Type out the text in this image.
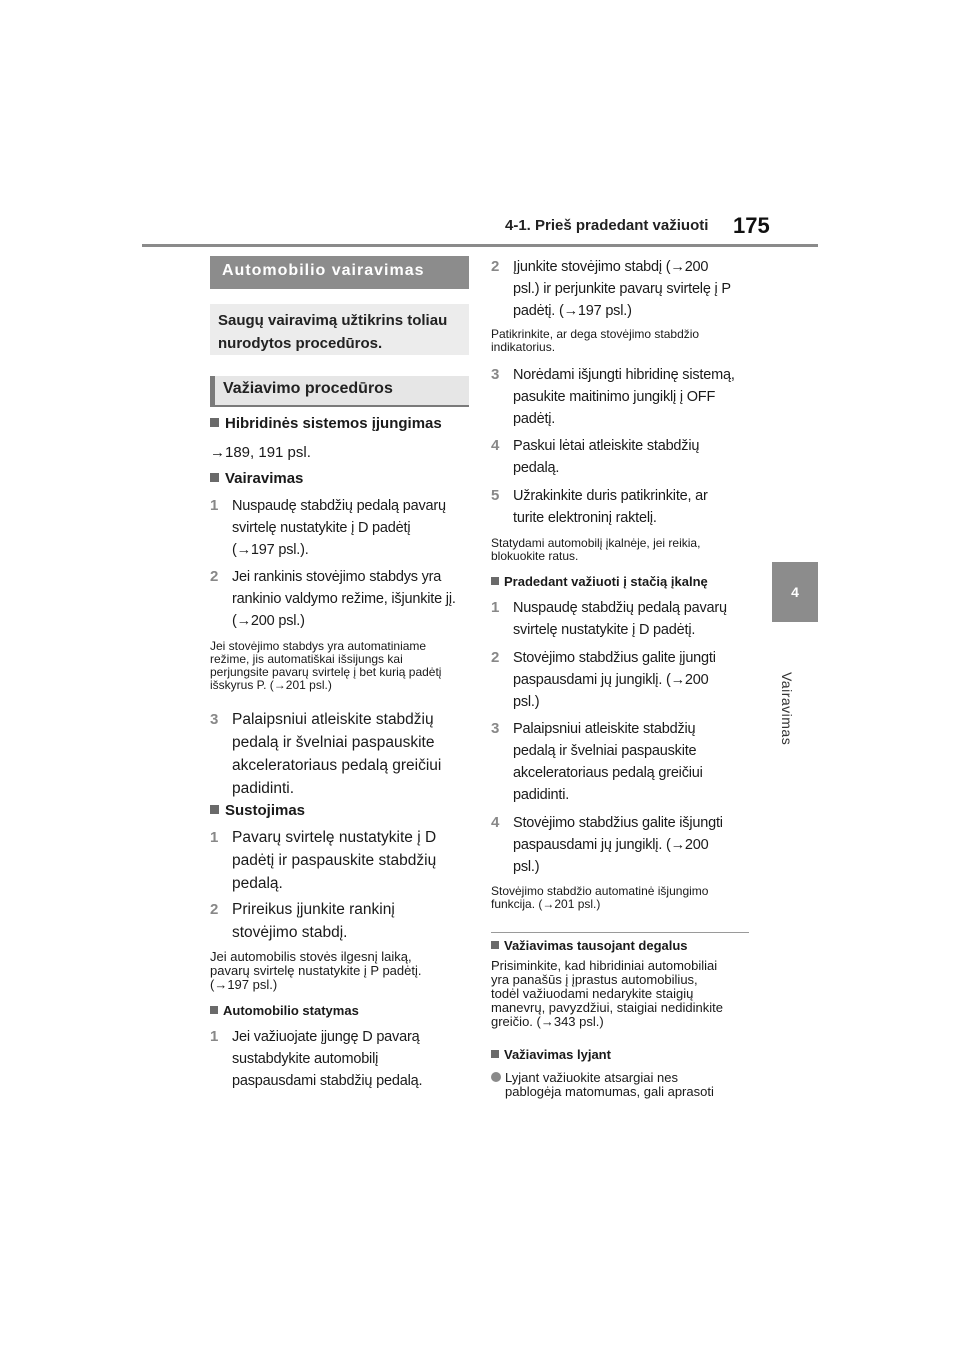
4-1. Prieš pradedant važiuoti 175
4
Vairavimas
Automobilio vairavimas
Saugų vairavimą užtikrins toliau nurodytos procedūros.
Važiavimo procedūros
Hibridinės sistemos įjungimas
→189, 191 psl.
Vairavimas
1 Nuspaudę stabdžių pedalą pavarų
svirtelę nustatykite į D padėtį
(→197 psl.).
2 Jei rankinis stovėjimo stabdys yra
rankinio valdymo režime, išjunkite jį.
(→200 psl.)
Jei stovėjimo stabdys yra automatiniame
režime, jis automatiškai išsijungs kai
perjungsite pavarų svirtelę į bet kurią padėtį
išskyrus P. (→201 psl.)
3 Palaipsniui atleiskite stabdžių
pedalą ir švelniai paspauskite
akceleratoriaus pedalą greičiui
padidinti.
Sustojimas
1 Pavarų svirtelę nustatykite į D
padėtį ir paspauskite stabdžių
pedalą.
2 Prireikus įjunkite rankinį
stovėjimo stabdį.
Jei automobilis stovės ilgesnį laiką,
pavarų svirtelę nustatykite į P padėtį.
(→197 psl.)
Automobilio statymas
1 Jei važiuojate įjungę D pavarą
sustabdykite automobilį
paspausdami stabdžių pedalą.
2 Įjunkite stovėjimo stabdį (→200
psl.) ir perjunkite pavarų svirtelę į P
padėtį. (→197 psl.)
Patikrinkite, ar dega stovėjimo stabdžio
indikatorius.
3 Norėdami išjungti hibridinę sistemą,
pasukite maitinimo jungiklį į OFF
padėtį.
4 Paskui lėtai atleiskite stabdžių
pedalą.
5 Užrakinkite duris patikrinkite, ar
turite elektroninį raktelį.
Statydami automobilį įkalnėje, jei reikia,
blokuokite ratus.
Pradedant važiuoti į stačią įkalnę
1 Nuspaudę stabdžių pedalą pavarų
svirtelę nustatykite į D padėtį.
2 Stovėjimo stabdžius galite įjungti
paspausdami jų jungiklį. (→200
psl.)
3 Palaipsniui atleiskite stabdžių
pedalą ir švelniai paspauskite
akceleratoriaus pedalą greičiui
padidinti.
4 Stovėjimo stabdžius galite išjungti
paspausdami jų jungiklį. (→200
psl.)
Stovėjimo stabdžio automatinė išjungimo
funkcija. (→201 psl.)
Važiavimas tausojant degalus
Prisiminkite, kad hibridiniai automobiliai
yra panašūs į įprastus automobilius,
todėl važiuodami nedarykite staigių
manevrų, pavyzdžiui, staigiai nedidinkite
greičio. (→343 psl.)
Važiavimas lyjant
Lyjant važiuokite atsargiai nes
pablogėja matomumas, gali aprasoti
